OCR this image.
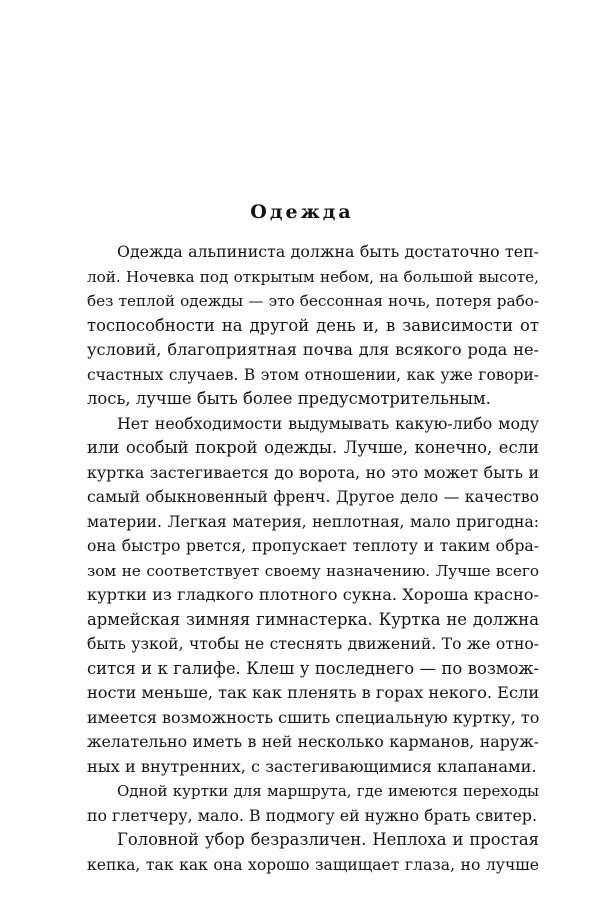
Одежда
Одежда альпиниста должна быть достаточно теп-
лой. Ночевка под открытым небом, на большой высоте,
без теплой одежды — это бессонная ночь, потеря рабо-
тоспособности на другой день и, в зависимости от
условий, благоприятная почва для всякого рода не-
счастных случаев. В этом отношении, как уже говори-
лось, лучше быть более предусмотрительным.
Нет необходимости выдумывать какую-либо моду
или особый покрой одежды. Лучше, конечно, если
куртка застегивается до ворота, но это может быть и
самый обыкновенный френч. Другое дело — качество
материи. Легкая материя, неплотная, мало пригодна:
она быстро рвется, пропускает теплоту и таким обра-
зом не соответствует своему назначению. Лучше всего
куртки из гладкого плотного сукна. Хороша красно-
армейская зимняя гимнастерка. Куртка не должна
быть узкой, чтобы не стеснять движений. То же отно-
сится и к галифе. Клеш у последнего — по возмож-
ности меньше, так как пленять в горах некого. Если
имеется возможность сшить специальную куртку, то
желательно иметь в ней несколько карманов, наруж-
ных и внутренних, с застегивающимися клапанами.
Одной куртки для маршрута, где имеются переходы
по глетчеру, мало. В подмогу ей нужно брать свитер.
Головной убор безразличен. Неплоха и простая
кепка, так как она хорошо защищает глаза, но лучше
